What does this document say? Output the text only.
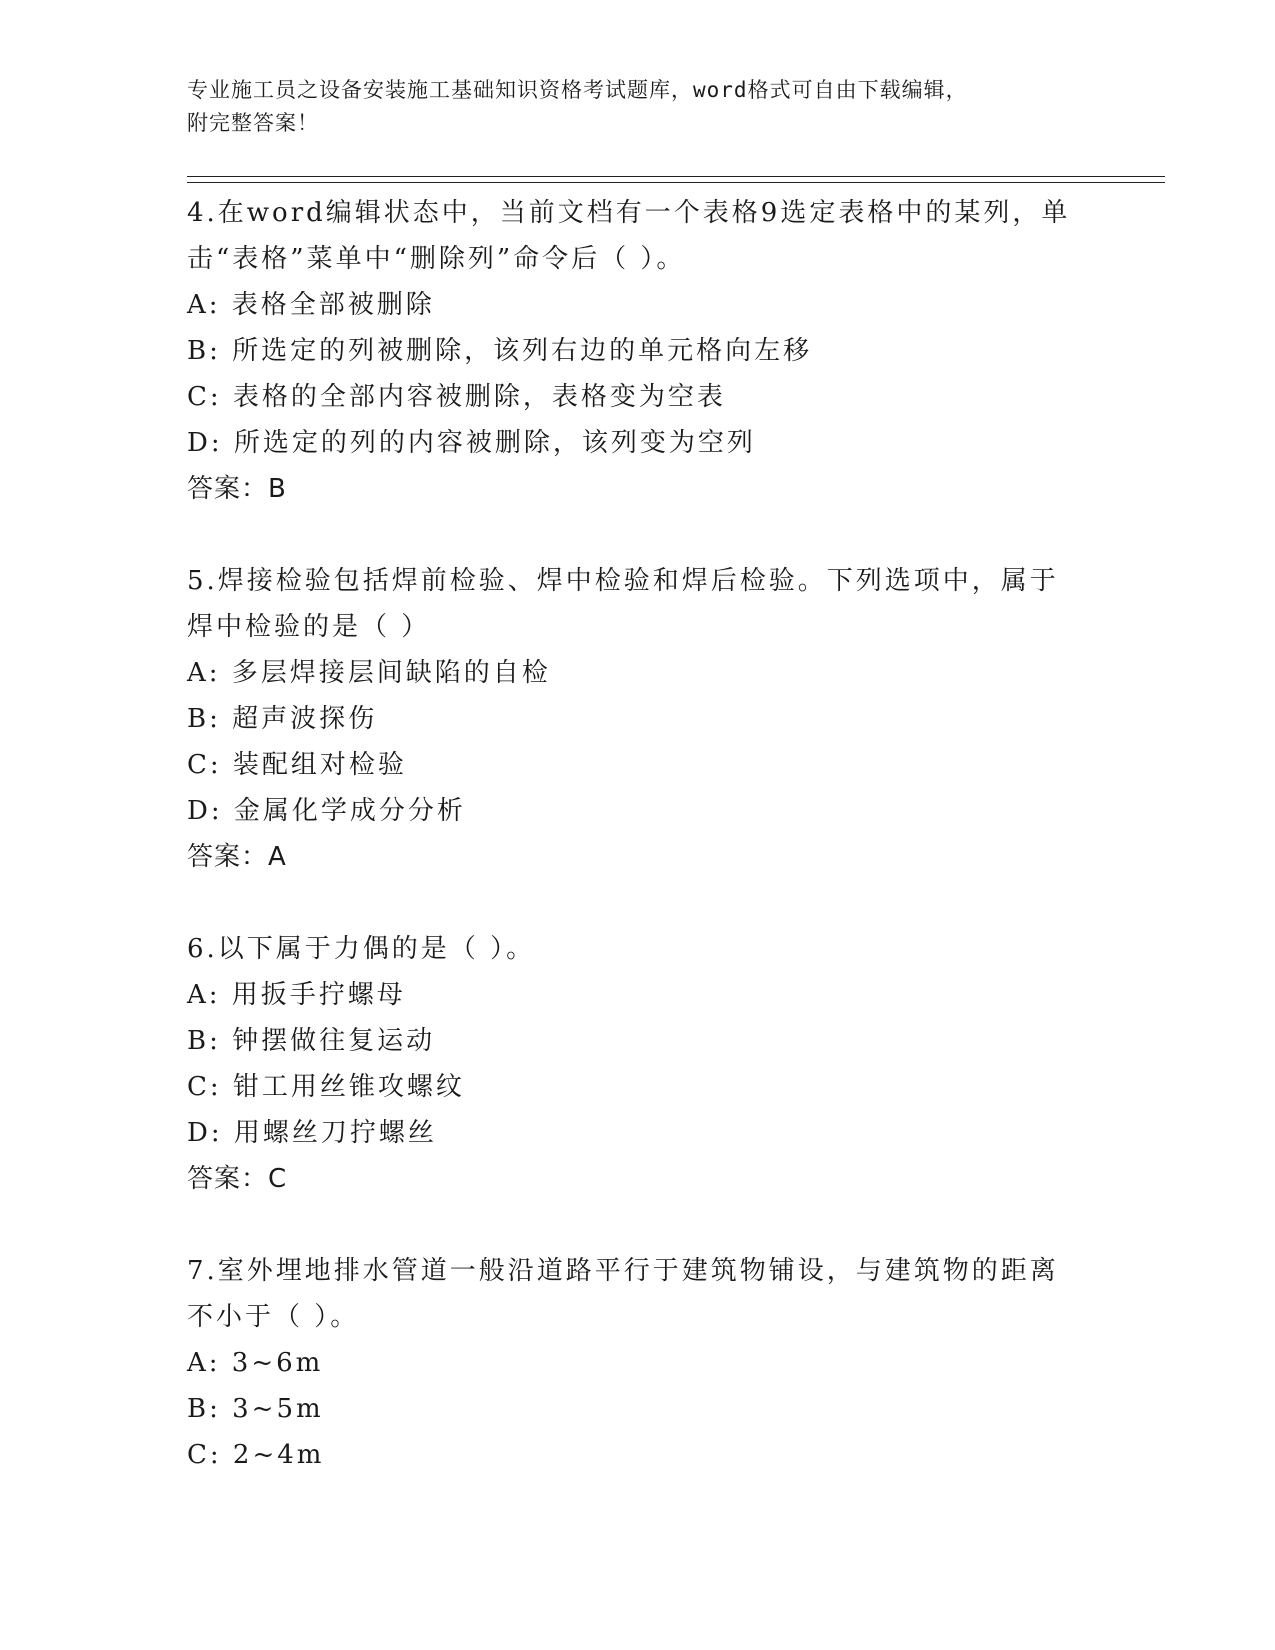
专业施工员之设备安装施工基础知识资格考试题库，word格式可自由下载编辑，
附完整答案！
4.在word编辑状态中，当前文档有一个表格9选定表格中的某列，单击“表格”菜单中“删除列”命令后（ ）。
A: 表格全部被删除
B: 所选定的列被删除，该列右边的单元格向左移
C: 表格的全部内容被删除，表格变为空表
D: 所选定的列的内容被删除，该列变为空列
答案：B
5.焊接检验包括焊前检验、焊中检验和焊后检验。下列选项中，属于焊中检验的是（ ）
A: 多层焊接层间缺陷的自检
B: 超声波探伤
C: 装配组对检验
D: 金属化学成分分析
答案：A
6.以下属于力偶的是（ ）。
A: 用扳手拧螺母
B: 钟摆做往复运动
C: 钳工用丝锥攻螺纹
D: 用螺丝刀拧螺丝
答案：C
7.室外埋地排水管道一般沿道路平行于建筑物铺设，与建筑物的距离不小于（ ）。
A: 3~6m
B: 3~5m
C: 2~4m
